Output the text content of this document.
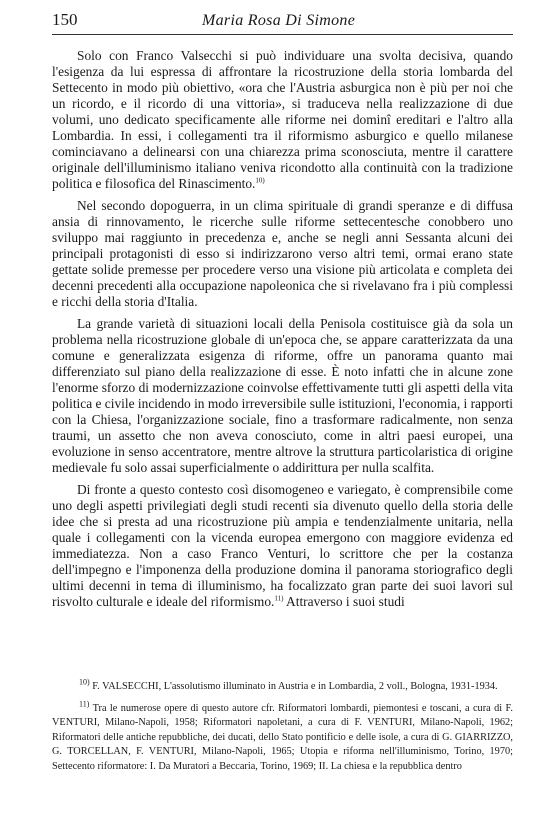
150	Maria Rosa Di Simone

Solo con Franco Valsecchi si può individuare una svolta decisiva, quando l'esigenza da lui espressa di affrontare la ricostruzione della storia lombarda del Settecento in modo più obiettivo, «ora che l'Austria asburgica non è più per noi che un ricordo, e il ricordo di una vittoria», si traduceva nella realizzazione di due volumi, uno dedicato specificamente alle riforme nei dominî ereditari e l'altro alla Lombardia. In essi, i collegamenti tra il riformismo asburgico e quello milanese cominciavano a delinearsi con una chiarezza prima sconosciuta, mentre il carattere originale dell'illuminismo italiano veniva ricondotto alla continuità con la tradizione politica e filosofica del Rinascimento.$^{10)}$

Nel secondo dopoguerra, in un clima spirituale di grandi speranze e di diffusa ansia di rinnovamento, le ricerche sulle riforme settecentesche conobbero uno sviluppo mai raggiunto in precedenza e, anche se negli anni Sessanta alcuni dei principali protagonisti di esso si indirizzarono verso altri temi, ormai erano state gettate solide premesse per procedere verso una visione più articolata e completa dei decenni precedenti alla occupazione napoleonica che si rivelavano fra i più complessi e ricchi della storia d'Italia.

La grande varietà di situazioni locali della Penisola costituisce già da sola un problema nella ricostruzione globale di un'epoca che, se appare caratterizzata da una comune e generalizzata esigenza di riforme, offre un panorama quanto mai differenziato sul piano della realizzazione di esse. È noto infatti che in alcune zone l'enorme sforzo di modernizzazione coinvolse effettivamente tutti gli aspetti della vita politica e civile incidendo in modo irreversibile sulle istituzioni, l'economia, i rapporti con la Chiesa, l'organizzazione sociale, fino a trasformare radicalmente, non senza traumi, un assetto che non aveva conosciuto, come in altri paesi europei, una evoluzione in senso accentratore, mentre altrove la struttura particolaristica di origine medievale fu solo assai superficialmente o addirittura per nulla scalfita.

Di fronte a questo contesto così disomogeneo e variegato, è comprensibile come uno degli aspetti privilegiati degli studi recenti sia divenuto quello della storia delle idee che si presta ad una ricostruzione più ampia e tendenzialmente unitaria, nella quale i collegamenti con la vicenda europea emergono con maggiore evidenza ed immediatezza. Non a caso Franco Venturi, lo scrittore che per la costanza dell'impegno e l'imponenza della produzione domina il panorama storiografico degli ultimi decenni in tema di illuminismo, ha focalizzato gran parte dei suoi lavori sul risvolto culturale e ideale del riformismo.$^{11)}$ Attraverso i suoi studi

$^{10)}$ F. VALSECCHI, L'assolutismo illuminato in Austria e in Lombardia, 2 voll., Bologna, 1931-1934.

$^{11)}$ Tra le numerose opere di questo autore cfr. Riformatori lombardi, piemontesi e toscani, a cura di F. VENTURI, Milano-Napoli, 1958; Riformatori napoletani, a cura di F. VENTURI, Milano-Napoli, 1962; Riformatori delle antiche repubbliche, dei ducati, dello Stato pontificio e delle isole, a cura di G. GIARRIZZO, G. TORCELLAN, F. VENTURI, Milano-Napoli, 1965; Utopia e riforma nell'illuminismo, Torino, 1970; Settecento riformatore: I. Da Muratori a Beccaria, Torino, 1969; II. La chiesa e la repubblica dentro
